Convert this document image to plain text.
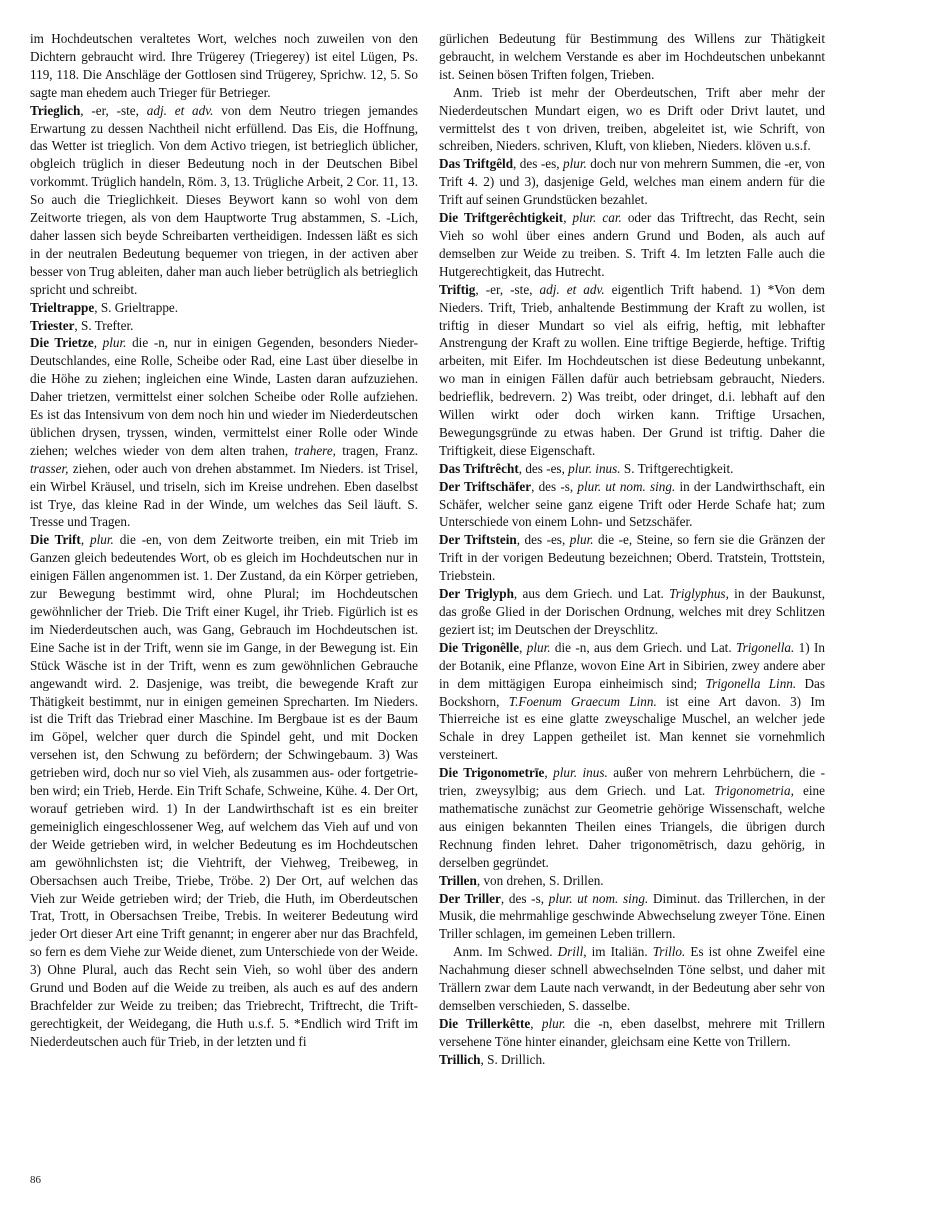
im Hochdeutschen veraltetes Wort, welches noch zuweilen von den Dichtern gebraucht wird. Ihre Trügerey (Triegerey) ist eitel Lügen, Ps. 119, 118. Die Anschläge der Gottlosen sind Trügerey, Sprichw. 12, 5. So sagte man ehedem auch Trieger für Betrieger.

Trieglich, -er, -ste, adj. et adv. von dem Neutro triegen jemandes Erwartung zu dessen Nachtheil nicht erfüllend. Das Eis, die Hoffnung, das Wetter ist trieglich. Von dem Activo triegen, ist betrieglich üblicher, obgleich trüglich in dieser Bedeutung noch in der Deutschen Bibel vorkommt. Trüglich handeln, Röm. 3, 13. Trügliche Arbeit, 2 Cor. 11, 13. So auch die Trieglichkeit. Dieses Beywort kann so wohl von dem Zeitworte triegen, als von dem Hauptworte Trug abstammen, S. -Lich, daher lassen sich beyde Schreibarten vertheidigen. Indessen läßt es sich in der neutralen Bedeutung bequemer von triegen, in der activen aber besser von Trug ableiten, daher man auch lieber betrüglich als betrieglich spricht und schreibt.

Trieltrappe, S. Grieltrappe.

Triester, S. Trefter.

Die Trietze, plur. die -n, nur in einigen Gegenden, besonders Nieder-Deutschlandes, eine Rolle, Scheibe oder Rad, eine Last über dieselbe in die Höhe zu ziehen; ingleichen eine Winde, Lasten daran aufzuziehen. Daher trietzen, vermittelst einer solchen Scheibe oder Rolle aufziehen. Es ist das Intensivum von dem noch hin und wieder im Niederdeutschen üblichen drysen, tryssen, winden, vermittelst einer Rolle oder Winde ziehen; welches wieder von dem alten trahen, trahere, tragen, Franz. trasser, ziehen, oder auch von drehen abstammet. Im Nieders. ist Trisel, ein Wirbel Kräusel, und triseln, sich im Kreise undrehen. Eben daselbst ist Trye, das kleine Rad in der Winde, um welches das Seil läuft. S. Tresse und Tragen.

Die Trift, plur. die -en, von dem Zeitworte treiben, ein mit Trieb im Ganzen gleich bedeutendes Wort, ob es gleich im Hochdeutschen nur in einigen Fällen angenommen ist. 1. Der Zustand, da ein Körper getrieben, zur Bewegung bestimmt wird, ohne Plural; im Hochdeutschen gewöhnlicher der Trieb. Die Trift einer Kugel, ihr Trieb. Figürlich ist es im Niederdeutschen auch, was Gang, Gebrauch im Hochdeutschen ist. Eine Sache ist in der Trift, wenn sie im Gange, in der Bewegung ist. Ein Stück Wäsche ist in der Trift, wenn es zum gewöhnlichen Gebrauche angewandt wird. 2. Dasjenige, was treibt, die bewegende Kraft zur Thätigkeit bestimmt, nur in einigen gemeinen Sprecharten. Im Nieders. ist die Trift das Triebrad einer Maschine. Im Bergbaue ist es der Baum im Göpel, welcher quer durch die Spindel geht, und mit Docken versehen ist, den Schwung zu befördern; der Schwingebaum. 3) Was getrieben wird, doch nur so viel Vieh, als zusammen aus- oder fortgetrieben wird; ein Trieb, Herde. Ein Trift Schafe, Schweine, Kühe. 4. Der Ort, worauf getrieben wird. 1) In der Landwirthschaft ist es ein breiter gemeiniglich eingeschlossener Weg, auf welchem das Vieh auf und von der Weide getrieben wird, in welcher Bedeutung es im Hochdeutschen am gewöhnlichsten ist; die Viehtrift, der Viehweg, Treibeweg, in Obersachsen auch Treibe, Triebe, Tröbe. 2) Der Ort, auf welchen das Vieh zur Weide getrieben wird; der Trieb, die Huth, im Oberdeutschen Trat, Trott, in Obersachsen Treibe, Trebis. In weiterer Bedeutung wird jeder Ort dieser Art eine Trift genannt; in engerer aber nur das Brachfeld, so fern es dem Viehe zur Weide dienet, zum Unterschiede von der Weide. 3) Ohne Plural, auch das Recht sein Vieh, so wohl über des andern Grund und Boden auf die Weide zu treiben, als auch es auf des andern Brachfelder zur Weide zu treiben; das Triebrecht, Triftrecht, die Triftgerechtigkeit, der Weidegang, die Huth u.s.f. 5. *Endlich wird Trift im Niederdeutschen auch für Trieb, in der letzten und fi

gürlichen Bedeutung für Bestimmung des Willens zur Thätigkeit gebraucht, in welchem Verstande es aber im Hochdeutschen unbekannt ist. Seinen bösen Triften folgen, Trieben.

Anm. Trieb ist mehr der Oberdeutschen, Trift aber mehr der Niederdeutschen Mundart eigen, wo es Drift oder Drivt lautet, und vermittelst des t von driven, treiben, abgeleitet ist, wie Schrift, von schreiben, Nieders. schriven, Kluft, von klieben, Nieders. klöven u.s.f.

Das Triftgêld, des -es, plur. doch nur von mehrern Summen, die -er, von Trift 4. 2) und 3), dasjenige Geld, welches man einem andern für die Trift auf seinen Grundstücken bezahlet.

Die Triftgerêchtigkeit, plur. car. oder das Triftrecht, das Recht, sein Vieh so wohl über eines andern Grund und Boden, als auch auf demselben zur Weide zu treiben. S. Trift 4. Im letzten Falle auch die Hutgerechtigkeit, das Hutrecht.

Triftig, -er, -ste, adj. et adv. eigentlich Trift habend. 1) *Von dem Nieders. Trift, Trieb, anhaltende Bestimmung der Kraft zu wollen, ist triftig in dieser Mundart so viel als eifrig, heftig, mit lebhafter Anstrengung der Kraft zu wollen. Eine triftige Begierde, heftige. Triftig arbeiten, mit Eifer. Im Hochdeutschen ist diese Bedeutung unbekannt, wo man in einigen Fällen dafür auch betriebsam gebraucht, Nieders. bedrieflik, bedrevern. 2) Was treibt, oder dringet, d.i. lebhaft auf den Willen wirkt oder doch wirken kann. Triftige Ursachen, Bewegungsgründe zu etwas haben. Der Grund ist triftig. Daher die Triftigkeit, diese Eigenschaft.

Das Triftrêcht, des -es, plur. inus. S. Triftgerechtigkeit.

Der Triftschäfer, des -s, plur. ut nom. sing. in der Landwirthschaft, ein Schäfer, welcher seine ganz eigene Trift oder Herde Schafe hat; zum Unterschiede von einem Lohn- und Setzschäfer.

Der Triftstein, des -es, plur. die -e, Steine, so fern sie die Gränzen der Trift in der vorigen Bedeutung bezeichnen; Oberd. Tratstein, Trottstein, Triebstein.

Der Triglyph, aus dem Griech. und Lat. Triglyphus, in der Baukunst, das große Glied in der Dorischen Ordnung, welches mit drey Schlitzen geziert ist; im Deutschen der Dreyschlitz.

Die Trigonêlle, plur. die -n, aus dem Griech. und Lat. Trigonella. 1) In der Botanik, eine Pflanze, wovon Eine Art in Sibirien, zwey andere aber in dem mittägigen Europa einheimisch sind; Trigonella Linn. Das Bockshorn, T.Foenum Graecum Linn. ist eine Art davon. 3) Im Thierreiche ist es eine glatte zweyschalige Muschel, an welcher jede Schale in drey Lappen getheilet ist. Man kennet sie vornehmlich versteinert.

Die Trigonometrīe, plur. inus. außer von mehrern Lehrbüchern, die -trien, zweysylbig; aus dem Griech. und Lat. Trigonometria, eine mathematische zunächst zur Geometrie gehörige Wissenschaft, welche aus einigen bekannten Theilen eines Triangels, die übrigen durch Rechnung finden lehret. Daher trigonomētrisch, dazu gehörig, in derselben gegründet.

Trillen, von drehen, S. Drillen.

Der Triller, des -s, plur. ut nom. sing. Diminut. das Trillerchen, in der Musik, die mehrmahlige geschwinde Abwechselung zweyer Töne. Einen Triller schlagen, im gemeinen Leben trillern.

Anm. Im Schwed. Drill, im Italiän. Trillo. Es ist ohne Zweifel eine Nachahmung dieser schnell abwechselnden Töne selbst, und daher mit Trällern zwar dem Laute nach verwandt, in der Bedeutung aber sehr von demselben verschieden, S. dasselbe.

Die Trillerkêtte, plur. die -n, eben daselbst, mehrere mit Trillern versehene Töne hinter einander, gleichsam eine Kette von Trillern.

Trillich, S. Drillich.

86
